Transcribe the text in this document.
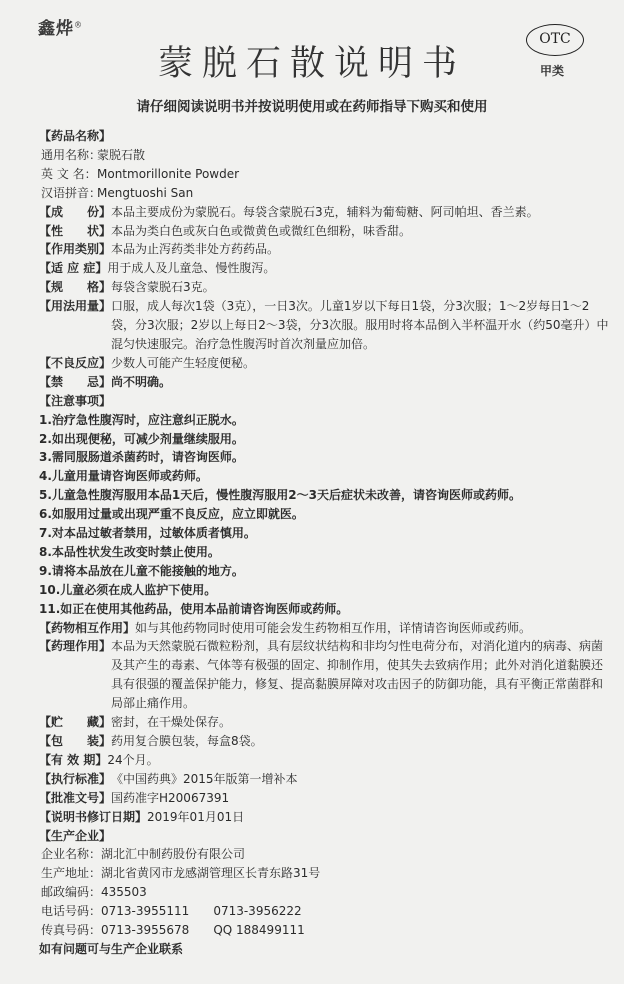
鑫烨®
蒙脱石散说明书
OTC
甲类
请仔细阅读说明书并按说明使用或在药师指导下购买和使用
【药品名称】
通用名称：
蒙脱石散
英 文 名： Montmorillonite Powder
汉语拼音：
Mengtuoshi San
【成　　份】 本品主要成份为蒙脱石。每袋含蒙脱石3克，辅料为葡萄糖、阿司帕坦、香兰素。
【性　　状】 本品为类白色或灰白色或微黄色或微红色细粉，味香甜。
【作用类别】 本品为止泻药类非处方药药品。
【适 应 症】 用于成人及儿童急、慢性腹泻。
【规　　格】 每袋含蒙脱石3克。
【用法用量】 口服，成人每次1袋（3克），一日3次。儿童1岁以下每日1袋，分3次服；1～2岁每日1～2袋，分3次服；2岁以上每日2～3袋，分3次服。服用时将本品倒入半杯温开水（约50毫升）中混匀快速服完。治疗急性腹泻时首次剂量应加倍。
【不良反应】 少数人可能产生轻度便秘。
【禁　　忌】 尚不明确。
【注意事项】
1.治疗急性腹泻时，应注意纠正脱水。
2.如出现便秘，可减少剂量继续服用。
3.需同服肠道杀菌药时，请咨询医师。
4.儿童用量请咨询医师或药师。
5.儿童急性腹泻服用本品1天后，慢性腹泻服用2～3天后症状未改善，请咨询医师或药师。
6.如服用过量或出现严重不良反应，应立即就医。
7.对本品过敏者禁用，过敏体质者慎用。
8.本品性状发生改变时禁止使用。
9.请将本品放在儿童不能接触的地方。
10.儿童必须在成人监护下使用。
11.如正在使用其他药品，使用本品前请咨询医师或药师。
【药物相互作用】 如与其他药物同时使用可能会发生药物相互作用，详情请咨询医师或药师。
【药理作用】 本品为天然蒙脱石微粒粉剂，具有层纹状结构和非均匀性电荷分布，对消化道内的病毒、病菌及其产生的毒素、气体等有极强的固定、抑制作用，使其失去致病作用；此外对消化道黏膜还具有很强的覆盖保护能力，修复、提高黏膜屏障对攻击因子的防御功能，具有平衡正常菌群和局部止痛作用。
【贮　　藏】 密封，在干燥处保存。
【包　　装】 药用复合膜包装，每盒8袋。
【有 效 期】 24个月。
【执行标准】 《中国药典》2015年版第一增补本
【批准文号】 国药准字H20067391
【说明书修订日期】 2019年01月01日
【生产企业】
企业名称： 湖北汇中制药股份有限公司
生产地址： 湖北省黄冈市龙感湖管理区长青东路31号
邮政编码： 435503
电话号码： 0713-3955111　　0713-3956222
传真号码： 0713-3955678　　QQ 188499111
如有问题可与生产企业联系
